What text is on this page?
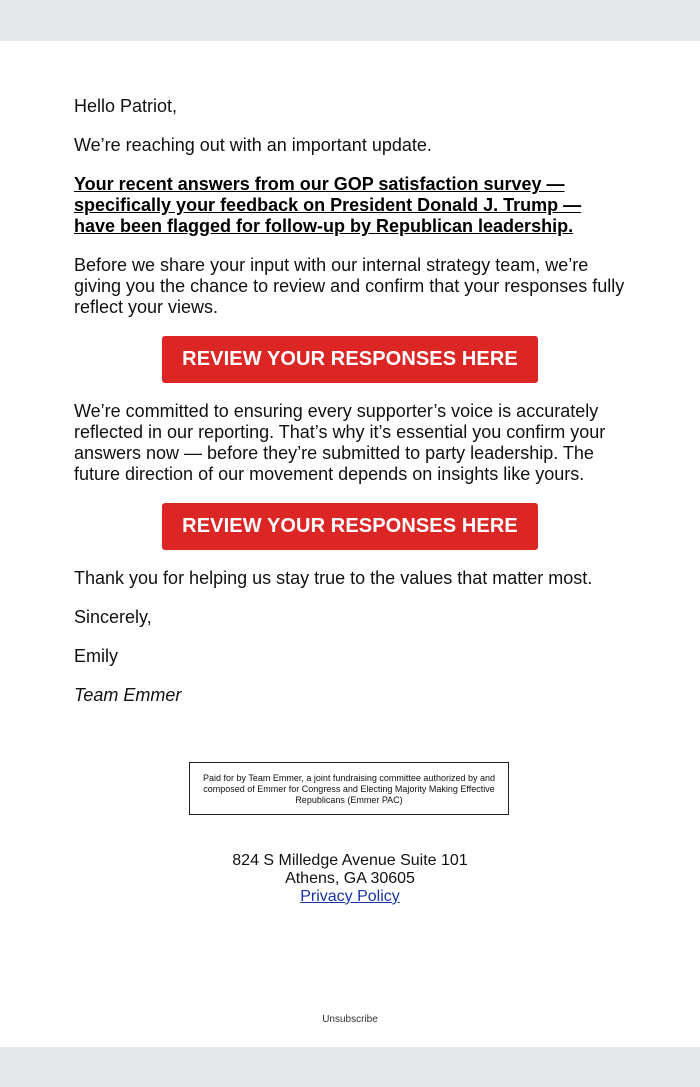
Hello Patriot,

We’re reaching out with an important update.

Your recent answers from our GOP satisfaction survey — specifically your feedback on President Donald J. Trump — have been flagged for follow-up by Republican leadership.

Before we share your input with our internal strategy team, we’re giving you the chance to review and confirm that your responses fully reflect your views.

REVIEW YOUR RESPONSES HERE

We’re committed to ensuring every supporter’s voice is accurately reflected in our reporting. That’s why it’s essential you confirm your answers now — before they’re submitted to party leadership. The future direction of our movement depends on insights like yours.

REVIEW YOUR RESPONSES HERE

Thank you for helping us stay true to the values that matter most.

Sincerely,

Emily

Team Emmer

Paid for by Team Emmer, a joint fundraising committee authorized by and composed of Emmer for Congress and Electing Majority Making Effective Republicans (Emmer PAC)
824 S Milledge Avenue Suite 101
Athens, GA 30605
Privacy Policy
Unsubscribe
